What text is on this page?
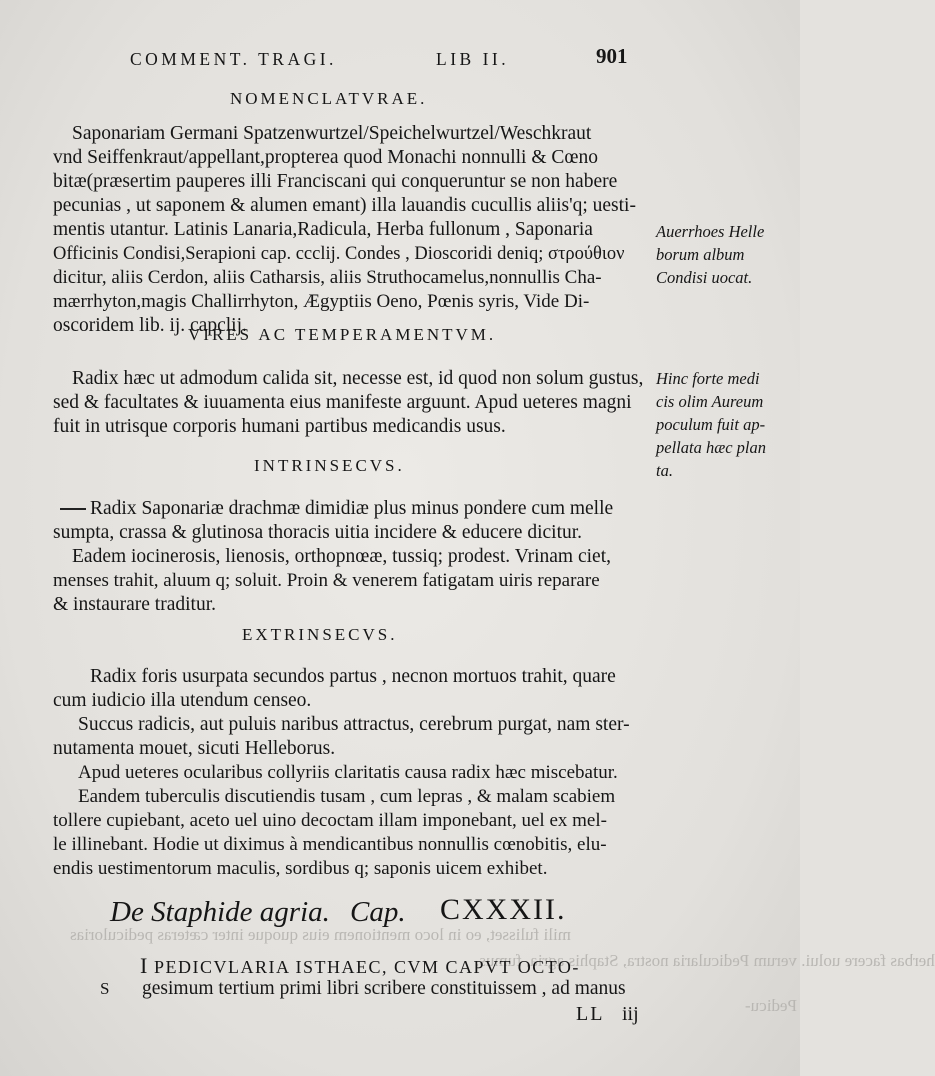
mili fulisset, eo in loco mentionem eius quoque inter cæteras pediculorias
herbas facere uolui. verum Pedicularia nostra, Staphis agria, fumus,
Pedicu-
COMMENT. TRAGI.	LIB II.	901
NOMENCLATVRAE.
Saponariam Germani Spatzenwurtzel/Speichelwurtzel/Weschkraut
vnd Seiffenkraut/appellant,propterea quod Monachi nonnulli & Cœno
bitæ(præsertim pauperes illi Franciscani qui conqueruntur se non habere
pecunias , ut saponem & alumen emant) illa lauandis cucullis aliis'q; uesti-
mentis utantur. Latinis Lanaria,Radicula, Herba fullonum , Saponaria
Officinis Condisi,Serapioni cap. ccclij. Condes , Dioscoridi deniq; στρούθιον
dicitur, aliis Cerdon, aliis Catharsis, aliis Struthocamelus,nonnullis Cha-
mærrhyton,magis Challirrhyton, Ægyptiis Oeno, Pœnis syris, Vide Di-
oscoridem lib. ij. capclij.
Auerrhoes Helle
borum album
Condisi uocat.
VIRES AC TEMPERAMENTVM.
Radix hæc ut admodum calida sit, necesse est, id quod non solum gustus,
sed & facultates & iuuamenta eius manifeste arguunt. Apud ueteres magni
fuit in utrisque corporis humani partibus medicandis usus.
Hinc forte medi
cis olim Aureum
poculum fuit ap-
pellata hæc plan
ta.
INTRINSECVS.
Radix Saponariæ drachmæ dimidiæ plus minus pondere cum melle
sumpta, crassa & glutinosa thoracis uitia incidere & educere dicitur.
Eadem iocinerosis, lienosis, orthopnœæ, tussiq; prodest. Vrinam ciet,
menses trahit, aluum q; soluit. Proin & venerem fatigatam uiris reparare
& instaurare traditur.
EXTRINSECVS.
Radix foris usurpata secundos partus , necnon mortuos trahit, quare
cum iudicio illa utendum censeo.
Succus radicis, aut puluis naribus attractus, cerebrum purgat, nam ster-
nutamenta mouet, sicuti Helleborus.
Apud ueteres ocularibus collyriis claritatis causa radix hæc miscebatur.
Eandem tuberculis discutiendis tusam , cum lepras , & malam scabiem
tollere cupiebant, aceto uel uino decoctam illam imponebant, uel ex mel-
le illinebant. Hodie ut diximus à mendicantibus nonnullis cœnobitis, elu-
endis uestimentorum maculis, sordibus q; saponis uicem exhibet.
De Staphide agria. Cap. CXXXII.
I PEDICVLARIA ISTHAEC, CVM CAPVT OCTO-
S gesimum tertium primi libri scribere constituissem , ad manus
LL iij
